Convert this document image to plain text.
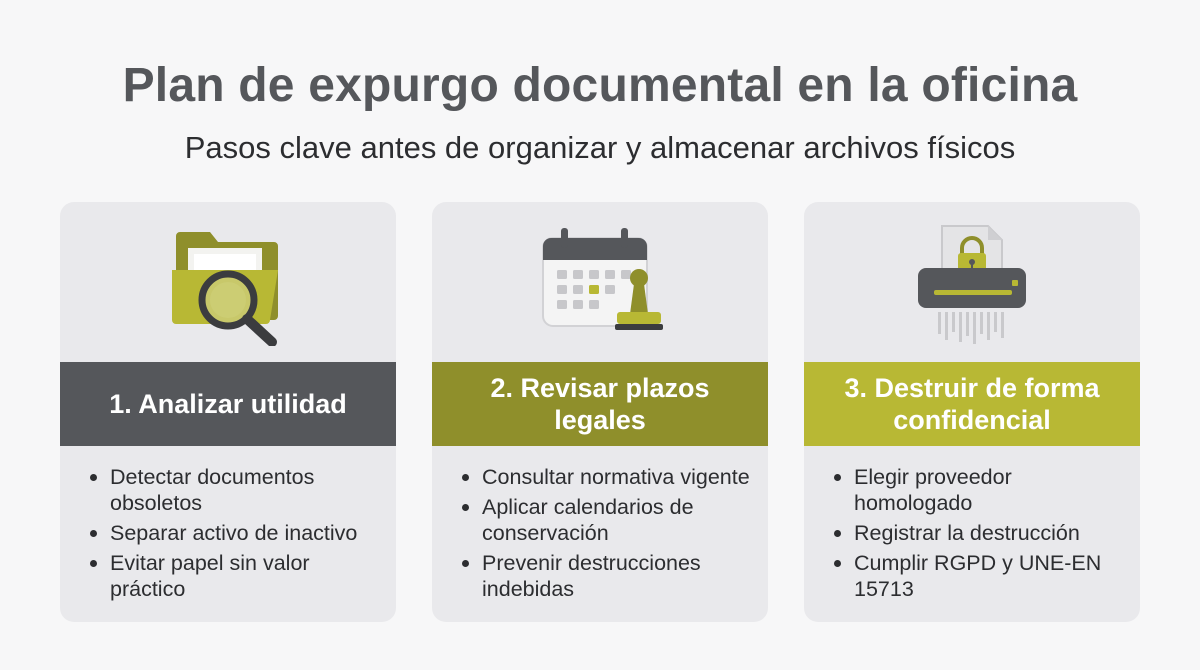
Plan de expurgo documental en la oficina
Pasos clave antes de organizar y almacenar archivos físicos
1. Analizar utilidad
Detectar documentos obsoletos
Separar activo de inactivo
Evitar papel sin valor práctico
2. Revisar plazos legales
Consultar normativa vigente
Aplicar calendarios de conservación
Prevenir destrucciones indebidas
3. Destruir de forma confidencial
Elegir proveedor homologado
Registrar la destrucción
Cumplir RGPD y UNE-EN 15713
